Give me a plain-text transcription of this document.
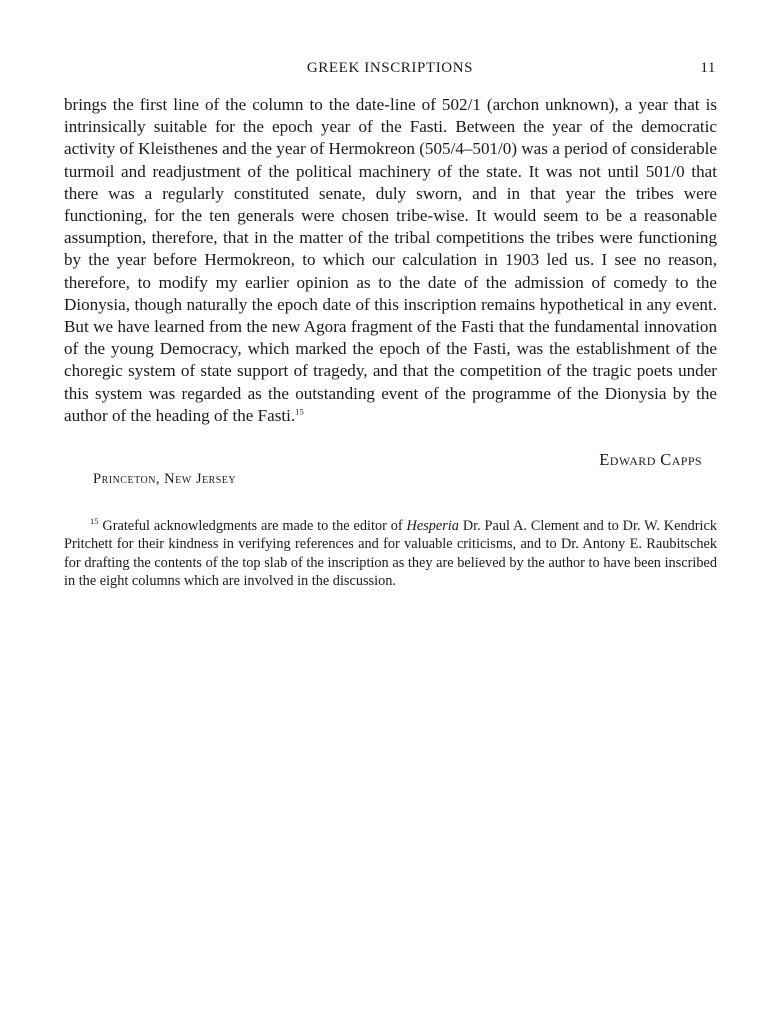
GREEK INSCRIPTIONS	11

brings the first line of the column to the date-line of 502/1 (archon unknown), a year that is intrinsically suitable for the epoch year of the Fasti. Between the year of the democratic activity of Kleisthenes and the year of Hermokreon (505/4–501/0) was a period of considerable turmoil and readjustment of the political machinery of the state. It was not until 501/0 that there was a regularly constituted senate, duly sworn, and in that year the tribes were functioning, for the ten generals were chosen tribe-wise. It would seem to be a reasonable assumption, therefore, that in the matter of the tribal competitions the tribes were functioning by the year before Hermokreon, to which our calculation in 1903 led us. I see no reason, therefore, to modify my earlier opinion as to the date of the admission of comedy to the Dionysia, though naturally the epoch date of this inscription remains hypothetical in any event. But we have learned from the new Agora fragment of the Fasti that the fundamental innovation of the young Democracy, which marked the epoch of the Fasti, was the establishment of the choregic system of state support of tragedy, and that the competition of the tragic poets under this system was regarded as the outstanding event of the programme of the Dionysia by the author of the heading of the Fasti.$^{15}$

Edward Capps
Princeton, New Jersey

$^{15}$ Grateful acknowledgments are made to the editor of Hesperia Dr. Paul A. Clement and to Dr. W. Kendrick Pritchett for their kindness in verifying references and for valuable criticisms, and to Dr. Antony E. Raubitschek for drafting the contents of the top slab of the inscription as they are believed by the author to have been inscribed in the eight columns which are involved in the discussion.
